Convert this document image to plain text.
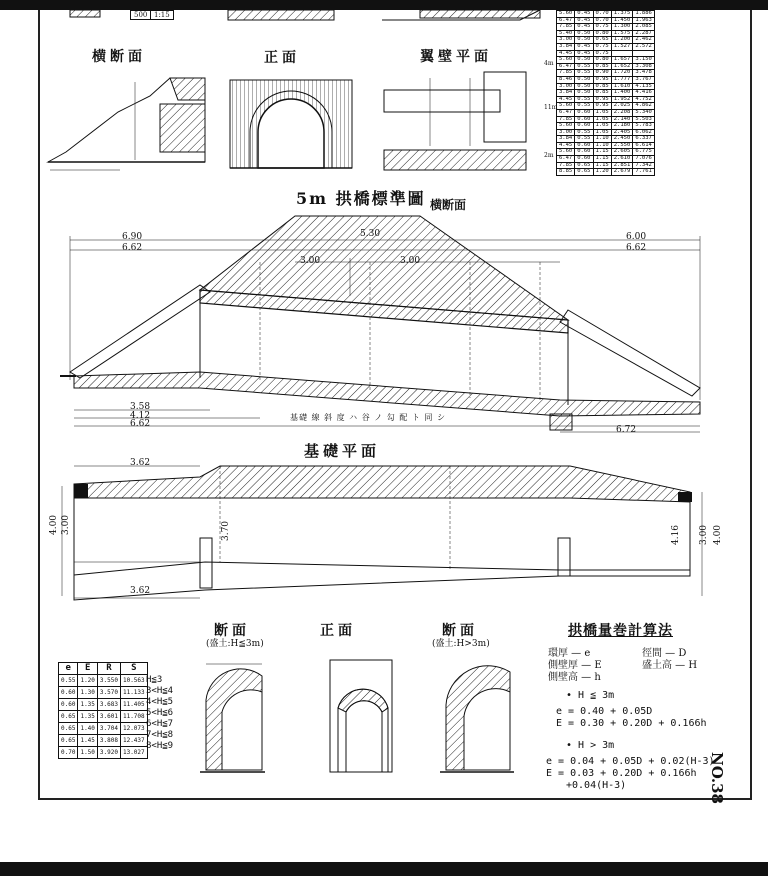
500 1:15
横断面	正面	翼壁平面
5m 拱橋標準圖 横断面
5.30
6.90
6.62
6.00
6.62
3.00	3.00
3.58
4.12
6.62
6.72
基礎 線 斜 度 ハ 谷 ノ 勾 配 ト 同 シ
基礎平面
3.62
3.62
4.00 3.00	3.70	4.16 3.00 4.00
断面
(盛土:H≦3m)
正面	断面
(盛土:H>3m)
拱橋量巻計算法
環厚 — e
側壁厚 — E
側壁高 — h
徑間 — D
盛土高 — H
• H ≦ 3m
e = 0.40 + 0.05D
E = 0.30 + 0.20D + 0.166h
• H > 3m
e = 0.04 + 0.05D + 0.02(H-3)
E = 0.03 + 0.20D + 0.166h
+0.04(H-3)
e	E	R	S
0.55	1.20	3.550	10.563
0.60	1.30	3.570	11.133
0.60	1.35	3.683	11.405
0.65	1.35	3.601	11.708
0.65	1.40	3.704	12.073
0.65	1.45	3.808	12.437
0.70	1.50	3.920	13.027
H≦3
3<H≦4
4<H≦5
5<H≦6
6<H≦7
7<H≦8
8<H≦9
5.60	0.45	0.70	1.375	1.886
6.47	0.45	0.70	1.450	1.963
7.85	0.45	0.75	1.300	2.085
5.40	0.50	0.80	1.575	2.287
3.00	0.50	0.65	1.200	2.462
3.84	0.45	0.75	1.527	2.572
4.45	0.45	0.75		
5.60	0.50	0.80	1.657	3.150
6.47	0.55	0.85	1.652	3.308
7.85	0.55	0.90	1.720	3.478
8.46	0.50	0.95	1.777	3.767
3.00	0.50	0.85	1.610	4.135
3.84	0.50	0.85	1.400	4.416
4.45	0.55	0.95	1.952	4.752
5.60	0.55	0.95	2.025	4.862
6.47	0.60	1.05	2.208	5.340
7.85	0.60	1.05	2.140	5.503
5.60	0.60	1.05	2.180	5.783
3.00	0.55	1.05	2.405	6.062
3.84	0.55	1.10	2.450	6.337
4.45	0.60	1.10	2.550	6.614
5.60	0.60	1.15	2.605	6.775
6.47	0.60	1.15	2.610	7.076
7.85	0.65	1.15	2.851	7.342
8.85	0.65	1.20	2.679	7.761
4m
11m
2m
NO.38
